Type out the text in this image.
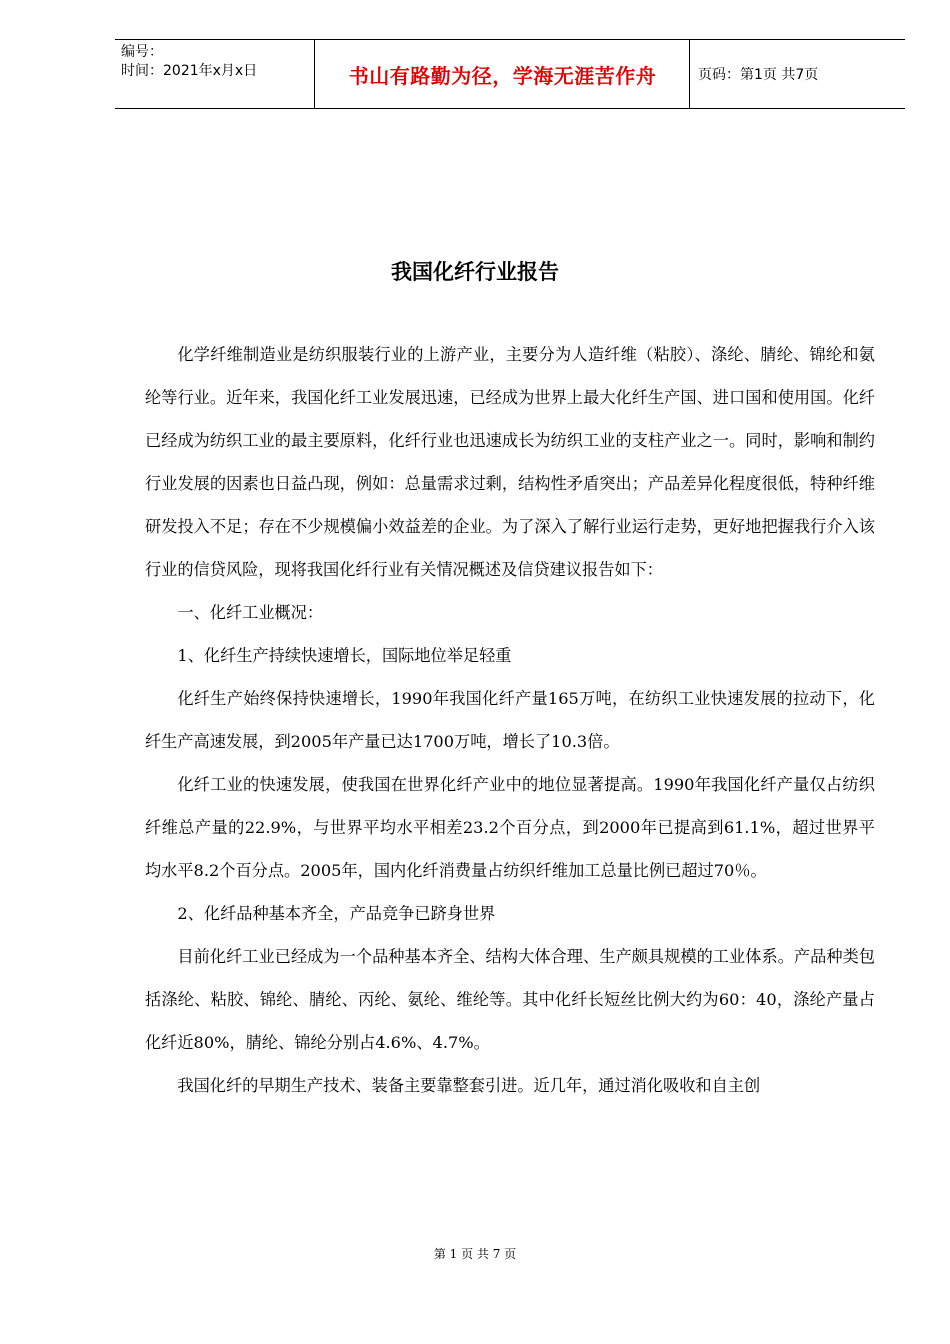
编号：
时间：2021年x月x日	书山有路勤为径，学海无涯苦作舟	页码：第1页 共7页
我国化纤行业报告

化学纤维制造业是纺织服装行业的上游产业，主要分为人造纤维（粘胶）、涤纶、腈纶、锦纶和氨纶等行业。近年来，我国化纤工业发展迅速，已经成为世界上最大化纤生产国、进口国和使用国。化纤已经成为纺织工业的最主要原料，化纤行业也迅速成长为纺织工业的支柱产业之一。同时，影响和制约行业发展的因素也日益凸现，例如：总量需求过剩，结构性矛盾突出；产品差异化程度很低，特种纤维研发投入不足；存在不少规模偏小效益差的企业。为了深入了解行业运行走势，更好地把握我行介入该行业的信贷风险，现将我国化纤行业有关情况概述及信贷建议报告如下：

一、化纤工业概况：

1、化纤生产持续快速增长，国际地位举足轻重

化纤生产始终保持快速增长，1990年我国化纤产量165万吨，在纺织工业快速发展的拉动下，化纤生产高速发展，到2005年产量已达1700万吨，增长了10.3倍。

化纤工业的快速发展，使我国在世界化纤产业中的地位显著提高。1990年我国化纤产量仅占纺织纤维总产量的22.9%，与世界平均水平相差23.2个百分点，到2000年已提高到61.1%，超过世界平均水平8.2个百分点。2005年，国内化纤消费量占纺织纤维加工总量比例已超过70％。

2、化纤品种基本齐全，产品竞争已跻身世界

目前化纤工业已经成为一个品种基本齐全、结构大体合理、生产颇具规模的工业体系。产品种类包括涤纶、粘胶、锦纶、腈纶、丙纶、氨纶、维纶等。其中化纤长短丝比例大约为60：40，涤纶产量占化纤近80%，腈纶、锦纶分别占4.6%、4.7%。

我国化纤的早期生产技术、装备主要靠整套引进。近几年，通过消化吸收和自主创

第 1 页 共 7 页
